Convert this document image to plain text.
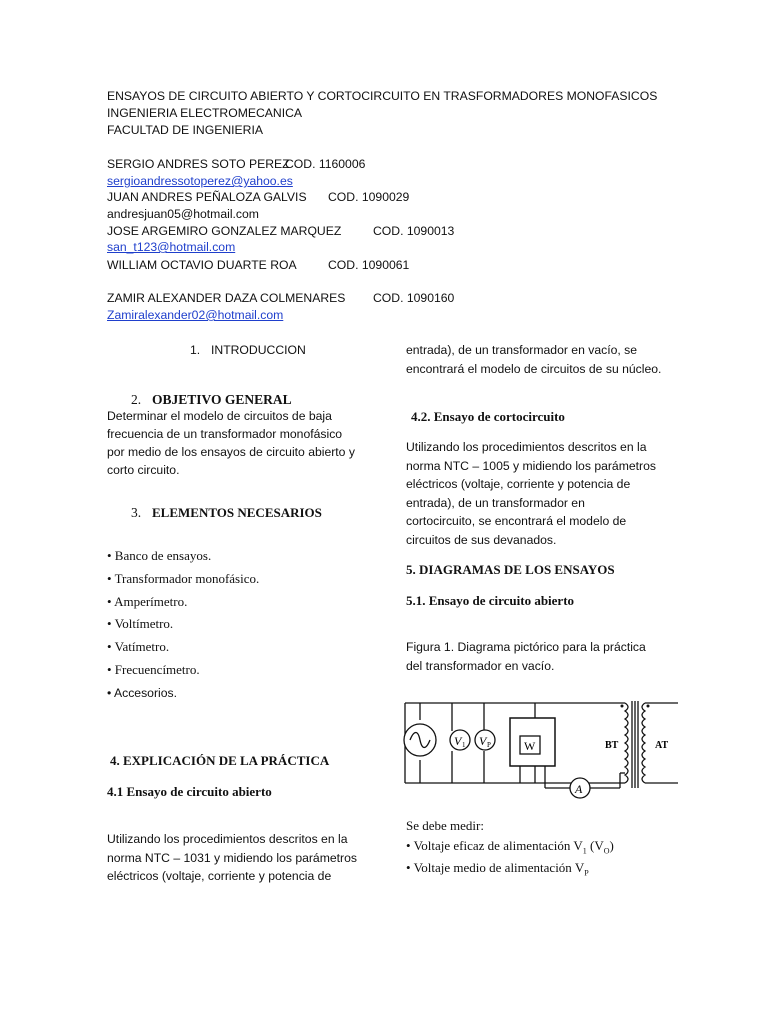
ENSAYOS DE CIRCUITO ABIERTO Y CORTOCIRCUITO EN TRASFORMADORES MONOFASICOS
INGENIERIA ELECTROMECANICA
FACULTAD DE INGENIERIA
SERGIO ANDRES SOTO PEREZ
COD. 1160006
sergioandressotoperez@yahoo.es
JUAN ANDRES PEÑALOZA GALVIS COD. 1090029
andresjuan05@hotmail.com
JOSE ARGEMIRO GONZALEZ MARQUEZ	COD. 1090013
san_t123@hotmail.com
WILLIAM OCTAVIO DUARTE ROA	COD. 1090061
ZAMIR ALEXANDER DAZA COLMENARES COD. 1090160
Zamiralexander02@hotmail.com
1. INTRODUCCION
2. OBJETIVO GENERAL
Determinar el modelo de circuitos de baja
frecuencia de un transformador monofásico
por medio de los ensayos de circuito abierto y
corto circuito.
3. ELEMENTOS NECESARIOS
• Banco de ensayos.
• Transformador monofásico.
• Amperímetro.
• Voltímetro.
• Vatímetro.
• Frecuencímetro.
• Accesorios.
4. EXPLICACIÓN DE LA PRÁCTICA
4.1 Ensayo de circuito abierto
Utilizando los procedimientos descritos en la
norma NTC – 1031 y midiendo los parámetros
eléctricos (voltaje, corriente y potencia de
entrada), de un transformador en vacío, se
encontrará el modelo de circuitos de su núcleo.
4.2. Ensayo de cortocircuito
Utilizando los procedimientos descritos en la
norma NTC – 1005 y midiendo los parámetros
eléctricos (voltaje, corriente y potencia de
entrada), de un transformador en
cortocircuito, se encontrará el modelo de
circuitos de sus devanados.
5. DIAGRAMAS DE LOS ENSAYOS
5.1. Ensayo de circuito abierto
Figura 1. Diagrama pictórico para la práctica
del transformador en vacío.
V 1 V P	W
A
BT	AT
Se debe medir:
• Voltaje eficaz de alimentación $V_1$ $(V_O)$
• Voltaje medio de alimentación $V_P$
